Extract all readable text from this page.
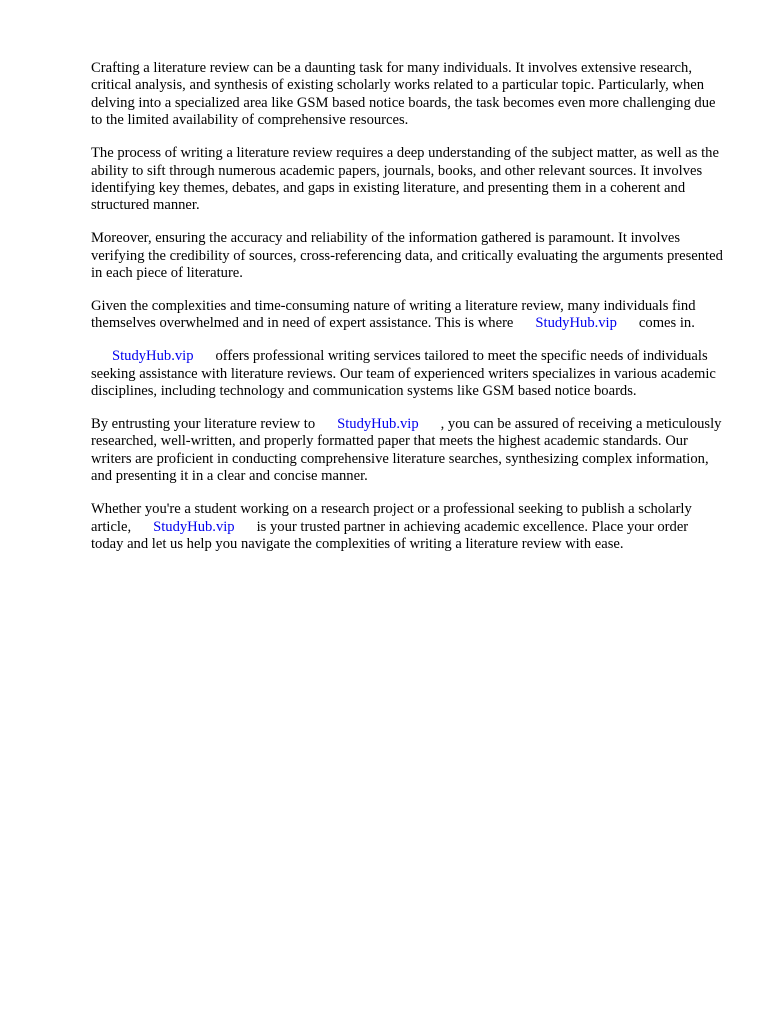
Crafting a literature review can be a daunting task for many individuals. It involves extensive research, critical analysis, and synthesis of existing scholarly works related to a particular topic. Particularly, when delving into a specialized area like GSM based notice boards, the task becomes even more challenging due to the limited availability of comprehensive resources.

The process of writing a literature review requires a deep understanding of the subject matter, as well as the ability to sift through numerous academic papers, journals, books, and other relevant sources. It involves identifying key themes, debates, and gaps in existing literature, and presenting them in a coherent and structured manner.

Moreover, ensuring the accuracy and reliability of the information gathered is paramount. It involves verifying the credibility of sources, cross-referencing data, and critically evaluating the arguments presented in each piece of literature.

Given the complexities and time-consuming nature of writing a literature review, many individuals find themselves overwhelmed and in need of expert assistance. This is where StudyHub.vip comes in.

StudyHub.vip offers professional writing services tailored to meet the specific needs of individuals seeking assistance with literature reviews. Our team of experienced writers specializes in various academic disciplines, including technology and communication systems like GSM based notice boards.

By entrusting your literature review to StudyHub.vip , you can be assured of receiving a meticulously researched, well-written, and properly formatted paper that meets the highest academic standards. Our writers are proficient in conducting comprehensive literature searches, synthesizing complex information, and presenting it in a clear and concise manner.

Whether you're a student working on a research project or a professional seeking to publish a scholarly article, StudyHub.vip is your trusted partner in achieving academic excellence. Place your order today and let us help you navigate the complexities of writing a literature review with ease.
